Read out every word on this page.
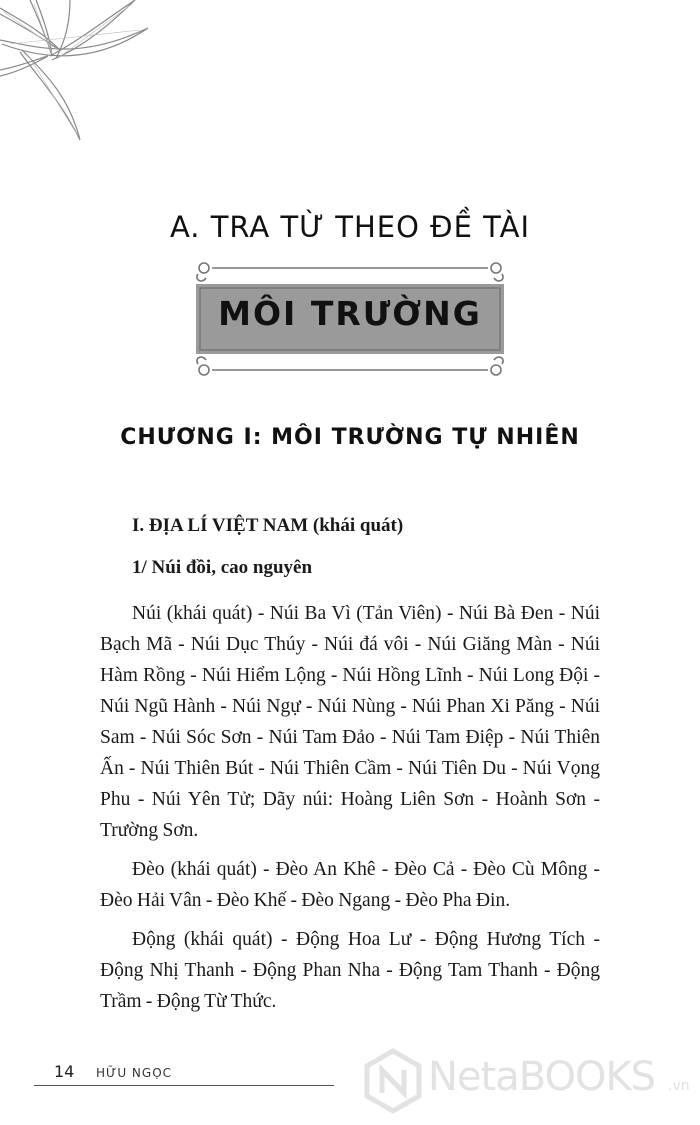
A. TRA TỪ THEO ĐỀ TÀI
MÔI TRƯỜNG
CHƯƠNG I: MÔI TRƯỜNG TỰ NHIÊN
I. ĐỊA LÍ VIỆT NAM (khái quát)
1/ Núi đồi, cao nguyên

Núi (khái quát) - Núi Ba Vì (Tản Viên) - Núi Bà Đen - Núi Bạch Mã - Núi Dục Thúy - Núi đá vôi - Núi Giăng Màn - Núi Hàm Rồng - Núi Hiểm Lộng - Núi Hồng Lĩnh - Núi Long Đội - Núi Ngũ Hành - Núi Ngự - Núi Nùng - Núi Phan Xi Păng - Núi Sam - Núi Sóc Sơn - Núi Tam Đảo - Núi Tam Điệp - Núi Thiên Ấn - Núi Thiên Bút - Núi Thiên Cầm - Núi Tiên Du - Núi Vọng Phu - Núi Yên Tử; Dãy núi: Hoàng Liên Sơn - Hoành Sơn - Trường Sơn.

Đèo (khái quát) - Đèo An Khê - Đèo Cả - Đèo Cù Mông - Đèo Hải Vân - Đèo Khế - Đèo Ngang - Đèo Pha Đin.

Động (khái quát) - Động Hoa Lư - Động Hương Tích - Động Nhị Thanh - Động Phan Nha - Động Tam Thanh - Động Trầm - Động Từ Thức.

14 HỮU NGỌC	NetaBOOKS .vn
